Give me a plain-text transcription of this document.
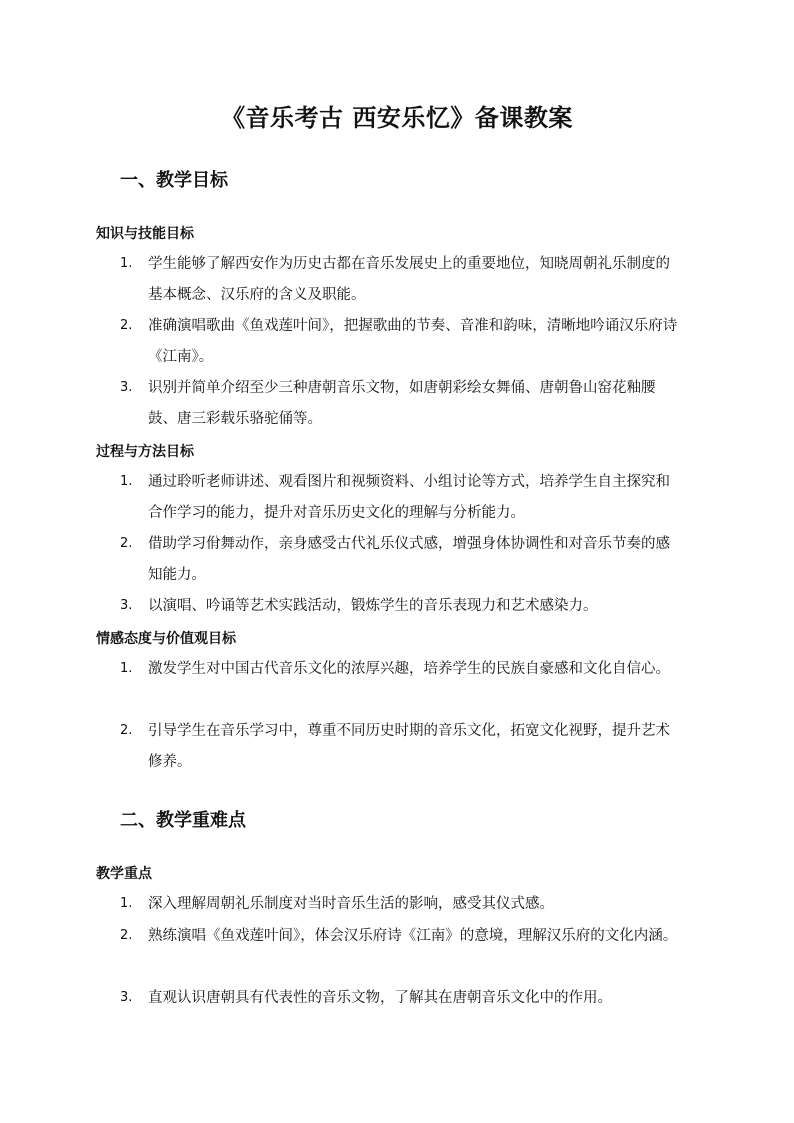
《音乐考古 西安乐忆》备课教案
一、教学目标
知识与技能目标
1. 学生能够了解西安作为历史古都在音乐发展史上的重要地位，知晓周朝礼乐制度的基本概念、汉乐府的含义及职能。
2. 准确演唱歌曲《鱼戏莲叶间》，把握歌曲的节奏、音准和韵味，清晰地吟诵汉乐府诗《江南》。
3. 识别并简单介绍至少三种唐朝音乐文物，如唐朝彩绘女舞俑、唐朝鲁山窑花釉腰鼓、唐三彩载乐骆驼俑等。
过程与方法目标
1. 通过聆听老师讲述、观看图片和视频资料、小组讨论等方式，培养学生自主探究和合作学习的能力，提升对音乐历史文化的理解与分析能力。
2. 借助学习佾舞动作，亲身感受古代礼乐仪式感，增强身体协调性和对音乐节奏的感知能力。
3. 以演唱、吟诵等艺术实践活动，锻炼学生的音乐表现力和艺术感染力。
情感态度与价值观目标
1. 激发学生对中国古代音乐文化的浓厚兴趣，培养学生的民族自豪感和文化自信心。
2. 引导学生在音乐学习中，尊重不同历史时期的音乐文化，拓宽文化视野，提升艺术修养。
二、教学重难点
教学重点
1. 深入理解周朝礼乐制度对当时音乐生活的影响，感受其仪式感。
2. 熟练演唱《鱼戏莲叶间》，体会汉乐府诗《江南》的意境，理解汉乐府的文化内涵。
3. 直观认识唐朝具有代表性的音乐文物，了解其在唐朝音乐文化中的作用。
